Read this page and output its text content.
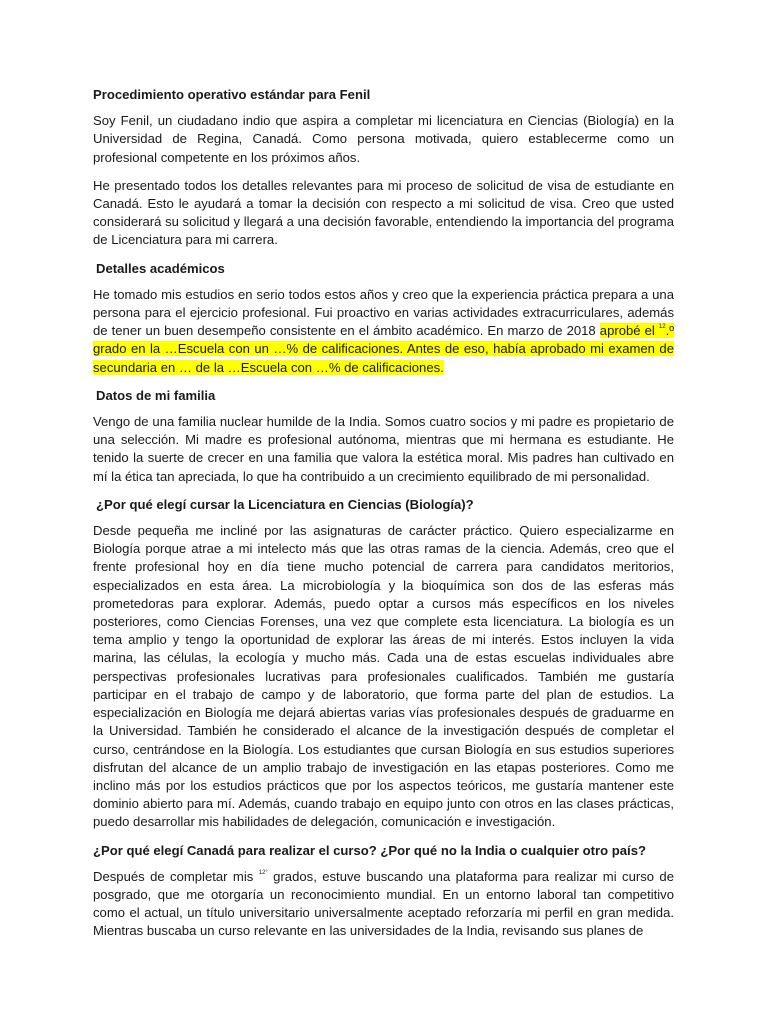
Procedimiento operativo estándar para Fenil

Soy Fenil, un ciudadano indio que aspira a completar mi licenciatura en Ciencias (Biología) en la Universidad de Regina, Canadá. Como persona motivada, quiero establecerme como un profesional competente en los próximos años.

He presentado todos los detalles relevantes para mi proceso de solicitud de visa de estudiante en Canadá. Esto le ayudará a tomar la decisión con respecto a mi solicitud de visa. Creo que usted considerará su solicitud y llegará a una decisión favorable, entendiendo la importancia del programa de Licenciatura para mi carrera.

Detalles académicos

He tomado mis estudios en serio todos estos años y creo que la experiencia práctica prepara a una persona para el ejercicio profesional. Fui proactivo en varias actividades extracurriculares, además de tener un buen desempeño consistente en el ámbito académico. En marzo de 2018 aprobé el $^{12}$.º grado en la …Escuela con un …% de calificaciones. Antes de eso, había aprobado mi examen de secundaria en … de la …Escuela con …% de calificaciones.

Datos de mi familia

Vengo de una familia nuclear humilde de la India. Somos cuatro socios y mi padre es propietario de una selección. Mi madre es profesional autónoma, mientras que mi hermana es estudiante. He tenido la suerte de crecer en una familia que valora la estética moral. Mis padres han cultivado en mí la ética tan apreciada, lo que ha contribuido a un crecimiento equilibrado de mi personalidad.

¿Por qué elegí cursar la Licenciatura en Ciencias (Biología)?

Desde pequeña me incliné por las asignaturas de carácter práctico. Quiero especializarme en Biología porque atrae a mi intelecto más que las otras ramas de la ciencia. Además, creo que el frente profesional hoy en día tiene mucho potencial de carrera para candidatos meritorios, especializados en esta área. La microbiología y la bioquímica son dos de las esferas más prometedoras para explorar. Además, puedo optar a cursos más específicos en los niveles posteriores, como Ciencias Forenses, una vez que complete esta licenciatura. La biología es un tema amplio y tengo la oportunidad de explorar las áreas de mi interés. Estos incluyen la vida marina, las células, la ecología y mucho más. Cada una de estas escuelas individuales abre perspectivas profesionales lucrativas para profesionales cualificados. También me gustaría participar en el trabajo de campo y de laboratorio, que forma parte del plan de estudios. La especialización en Biología me dejará abiertas varias vías profesionales después de graduarme en la Universidad. También he considerado el alcance de la investigación después de completar el curso, centrándose en la Biología. Los estudiantes que cursan Biología en sus estudios superiores disfrutan del alcance de un amplio trabajo de investigación en las etapas posteriores. Como me inclino más por los estudios prácticos que por los aspectos teóricos, me gustaría mantener este dominio abierto para mí. Además, cuando trabajo en equipo junto con otros en las clases prácticas, puedo desarrollar mis habilidades de delegación, comunicación e investigación.

¿Por qué elegí Canadá para realizar el curso? ¿Por qué no la India o cualquier otro país?

Después de completar mis $^{12^\circ}$ grados, estuve buscando una plataforma para realizar mi curso de posgrado, que me otorgaría un reconocimiento mundial. En un entorno laboral tan competitivo como el actual, un título universitario universalmente aceptado reforzaría mi perfil en gran medida. Mientras buscaba un curso relevante en las universidades de la India, revisando sus planes de
